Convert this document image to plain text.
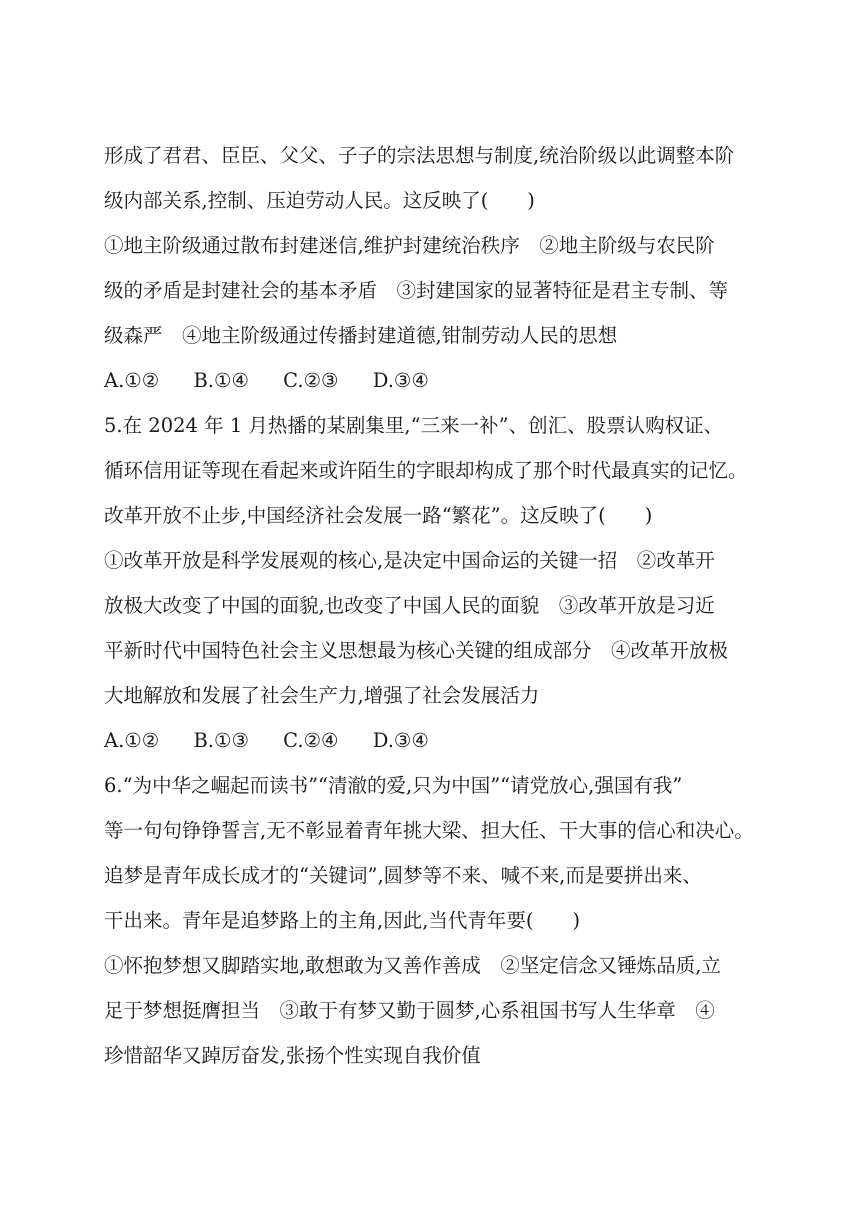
形成了君君、臣臣、父父、子子的宗法思想与制度,统治阶级以此调整本阶
级内部关系,控制、压迫劳动人民。这反映了(　　)
①地主阶级通过散布封建迷信,维护封建统治秩序　②地主阶级与农民阶
级的矛盾是封建社会的基本矛盾　③封建国家的显著特征是君主专制、等
级森严　④地主阶级通过传播封建道德,钳制劳动人民的思想
A.①② B.①④ C.②③ D.③④
5.在 2024 年 1 月热播的某剧集里,“三来一补”、创汇、股票认购权证、
循环信用证等现在看起来或许陌生的字眼却构成了那个时代最真实的记忆。
改革开放不止步,中国经济社会发展一路“繁花”。这反映了(　　)
①改革开放是科学发展观的核心,是决定中国命运的关键一招　②改革开
放极大改变了中国的面貌,也改变了中国人民的面貌　③改革开放是习近
平新时代中国特色社会主义思想最为核心关键的组成部分　④改革开放极
大地解放和发展了社会生产力,增强了社会发展活力
A.①② B.①③ C.②④ D.③④
6.“为中华之崛起而读书”“清澈的爱,只为中国”“请党放心,强国有我”
等一句句铮铮誓言,无不彰显着青年挑大梁、担大任、干大事的信心和决心。
追梦是青年成长成才的“关键词”,圆梦等不来、喊不来,而是要拼出来、
干出来。青年是追梦路上的主角,因此,当代青年要(　　)
①怀抱梦想又脚踏实地,敢想敢为又善作善成　②坚定信念又锤炼品质,立
足于梦想挺膺担当　③敢于有梦又勤于圆梦,心系祖国书写人生华章　④
珍惜韶华又踔厉奋发,张扬个性实现自我价值
